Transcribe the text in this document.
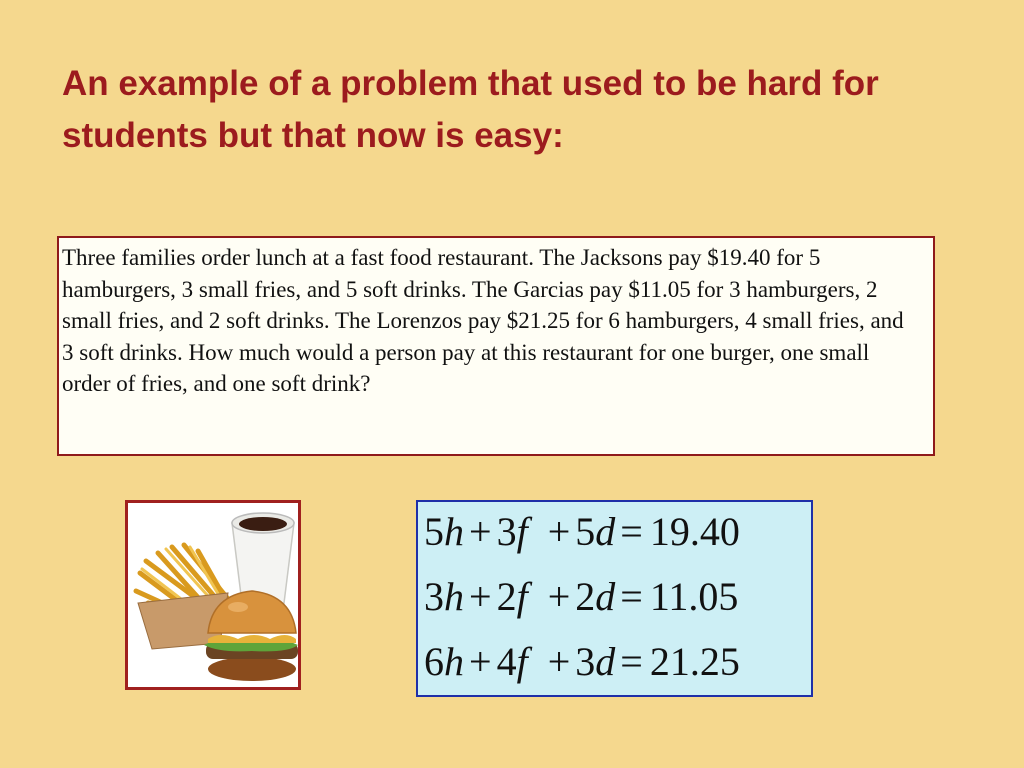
An example of a problem that used to be hard for students but that now is easy:
Three families order lunch at a fast food restaurant. The Jacksons pay $19.40 for 5 hamburgers, 3 small fries, and 5 soft drinks. The Garcias pay $11.05 for 3 hamburgers, 2 small fries, and 2 soft drinks. The Lorenzos pay $21.25 for 6 hamburgers, 4 small fries, and 3 soft drinks. How much would a person pay at this restaurant for one burger, one small order of fries, and one soft drink?
5h + 3f + 5d = 19.40
3h + 2f + 2d = 11.05
6h + 4f + 3d = 21.25
